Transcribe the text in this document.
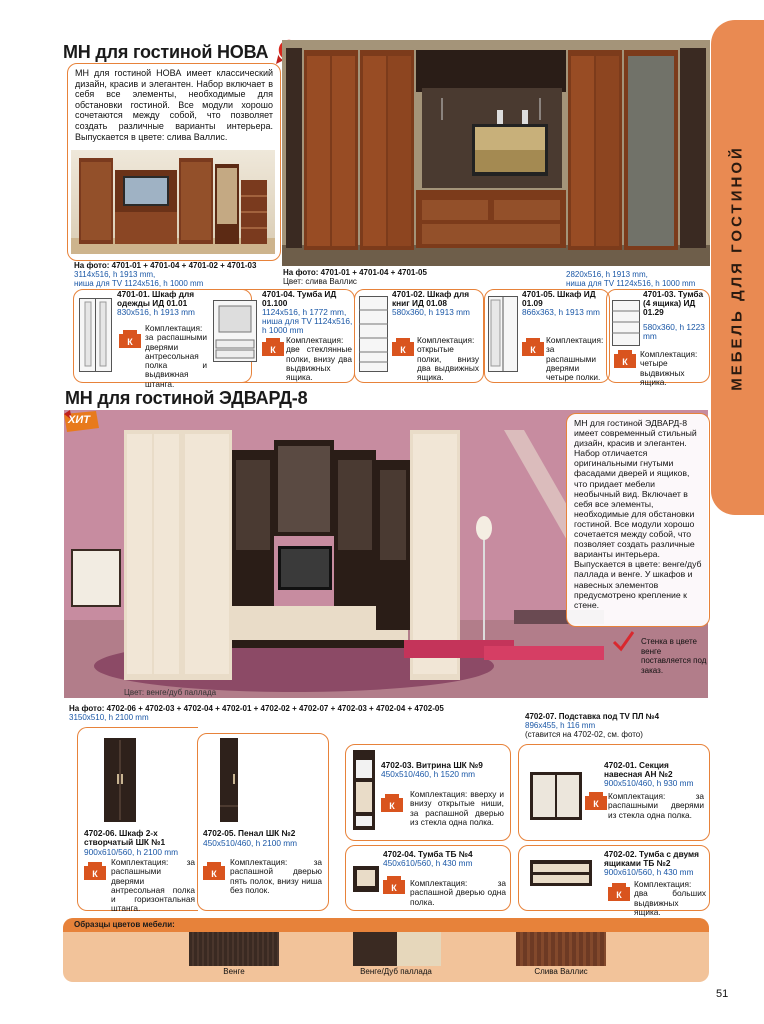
МЕБЕЛЬ ДЛЯ ГОСТИНОЙ
МН для гостиной НОВА
МН для гостиной НОВА имеет классический дизайн, красив и элегантен. Набор включает в себя все элементы, необходимые для обстановки гостиной. Все модули хорошо сочетаются между собой, что позволяет создать различные варианты интерьера. Выпускается в цвете: слива Валлис.
На фото: 4701-01 + 4701-04 + 4701-02 + 4701-03
3114x516, h 1913 mm,
ниша для TV 1124x516, h 1000 mm
На фото: 4701-01 + 4701-04 + 4701-05
Цвет: слива Валлис
2820x516, h 1913 mm,
ниша для TV 1124x516, h 1000 mm
4701-01. Шкаф для одежды ИД 01.01
830x516, h 1913 mm
К
Комплектация: за распашными дверями антресольная полка и выдвижная штанга.
4701-04. Тумба ИД 01.100
1124x516, h 1772 mm, ниша для TV 1124x516, h 1000 mm
К
Комплектация: две стеклянные полки, внизу два выдвижных ящика.
4701-02. Шкаф для книг ИД 01.08
580x360, h 1913 mm
К
Комплектация: открытые полки, внизу два выдвижных ящика.
4701-05. Шкаф ИД 01.09
866x363, h 1913 mm
К
Комплектация: за распашными дверями четыре полки.
4701-03. Тумба (4 ящика) ИД 01.29
580x360, h 1223 mm
К
Комплектация: четыре выдвижных ящика.
МН для гостиной ЭДВАРД-8
МН для гостиной ЭДВАРД-8 имеет современный стильный дизайн, красив и элегантен. Набор отличается оригинальными гнутыми фасадами дверей и ящиков, что придает мебели необычный вид. Включает в себя все элементы, необходимые для обстановки гостиной. Все модули хорошо сочетается между собой, что позволяет создать различные варианты интерьера. Выпускается в цвете: венге/дуб паллада и венге. У шкафов и навесных элементов предусмотрено крепление к стене.
ХИТ
Цвет: венге/дуб паллада
Стенка в цвете венге поставляется под заказ.
На фото: 4702-06 + 4702-03 + 4702-04 + 4702-01 + 4702-02 + 4702-07 + 4702-03 + 4702-04 + 4702-05
3150x510, h 2100 mm	4702-07. Подставка под TV ПЛ №4
896x455, h 116 mm
(ставится на 4702-02, см. фото)
4702-06. Шкаф 2-х створчатый ШК №1
900x610/560, h 2100 mm
К
Комплектация: за распашными дверями антресольная полка и горизонтальная штанга.
4702-05. Пенал ШК №2
450x510/460, h 2100 mm
К
Комплектация: за распашной дверью пять полок, внизу ниша без полок.
4702-03. Витрина ШК №9
450x510/460, h 1520 mm
К
Комплектация: вверху и внизу открытые ниши, за распашной дверью из стекла одна полка.
4702-04. Тумба ТБ №4
450x610/560, h 430 mm
К Комплектация: за распашной дверью одна полка.
4702-01. Секция навесная АН №2
900x510/460, h 930 mm
К
Комплектация: за распашными дверями из стекла одна полка.
4702-02. Тумба с двумя ящиками ТБ №2
900x610/560, h 430 mm
К
Комплектация: два больших выдвижных ящика.
Образцы цветов мебели:
Венге	Венге/Дуб паллада	Слива Валлис
51
